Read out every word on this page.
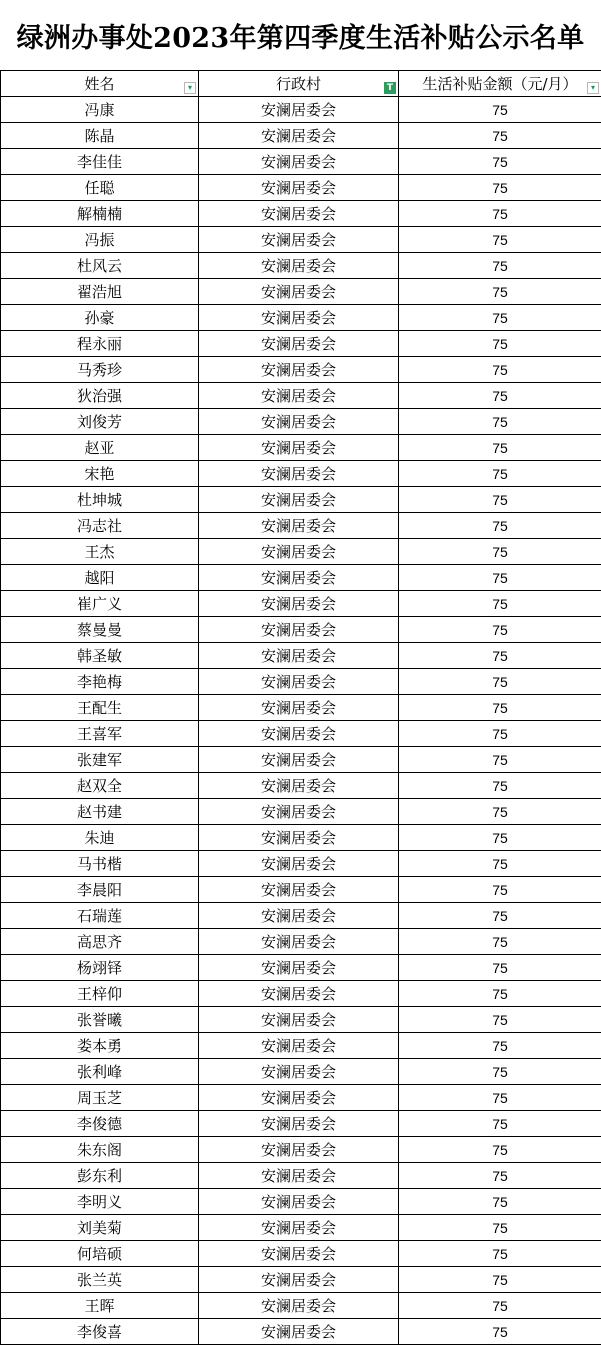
绿洲办事处2023年第四季度生活补贴公示名单
姓名 ▾	行政村 T	生活补贴金额（元/月） ▾

冯康	安澜居委会	75
陈晶	安澜居委会	75
李佳佳	安澜居委会	75
任聪	安澜居委会	75
解楠楠	安澜居委会	75
冯振	安澜居委会	75
杜风云	安澜居委会	75
翟浩旭	安澜居委会	75
孙豪	安澜居委会	75
程永丽	安澜居委会	75
马秀珍	安澜居委会	75
狄治强	安澜居委会	75
刘俊芳	安澜居委会	75
赵亚	安澜居委会	75
宋艳	安澜居委会	75
杜坤城	安澜居委会	75
冯志社	安澜居委会	75
王杰	安澜居委会	75
越阳	安澜居委会	75
崔广义	安澜居委会	75
蔡曼曼	安澜居委会	75
韩圣敏	安澜居委会	75
李艳梅	安澜居委会	75
王配生	安澜居委会	75
王喜军	安澜居委会	75
张建军	安澜居委会	75
赵双全	安澜居委会	75
赵书建	安澜居委会	75
朱迪	安澜居委会	75
马书楷	安澜居委会	75
李晨阳	安澜居委会	75
石瑞莲	安澜居委会	75
高思齐	安澜居委会	75
杨翊铎	安澜居委会	75
王梓仰	安澜居委会	75
张誉曦	安澜居委会	75
娄本勇	安澜居委会	75
张利峰	安澜居委会	75
周玉芝	安澜居委会	75
李俊德	安澜居委会	75
朱东阁	安澜居委会	75
彭东利	安澜居委会	75
李明义	安澜居委会	75
刘美菊	安澜居委会	75
何培硕	安澜居委会	75
张兰英	安澜居委会	75
王晖	安澜居委会	75
李俊喜	安澜居委会	75
